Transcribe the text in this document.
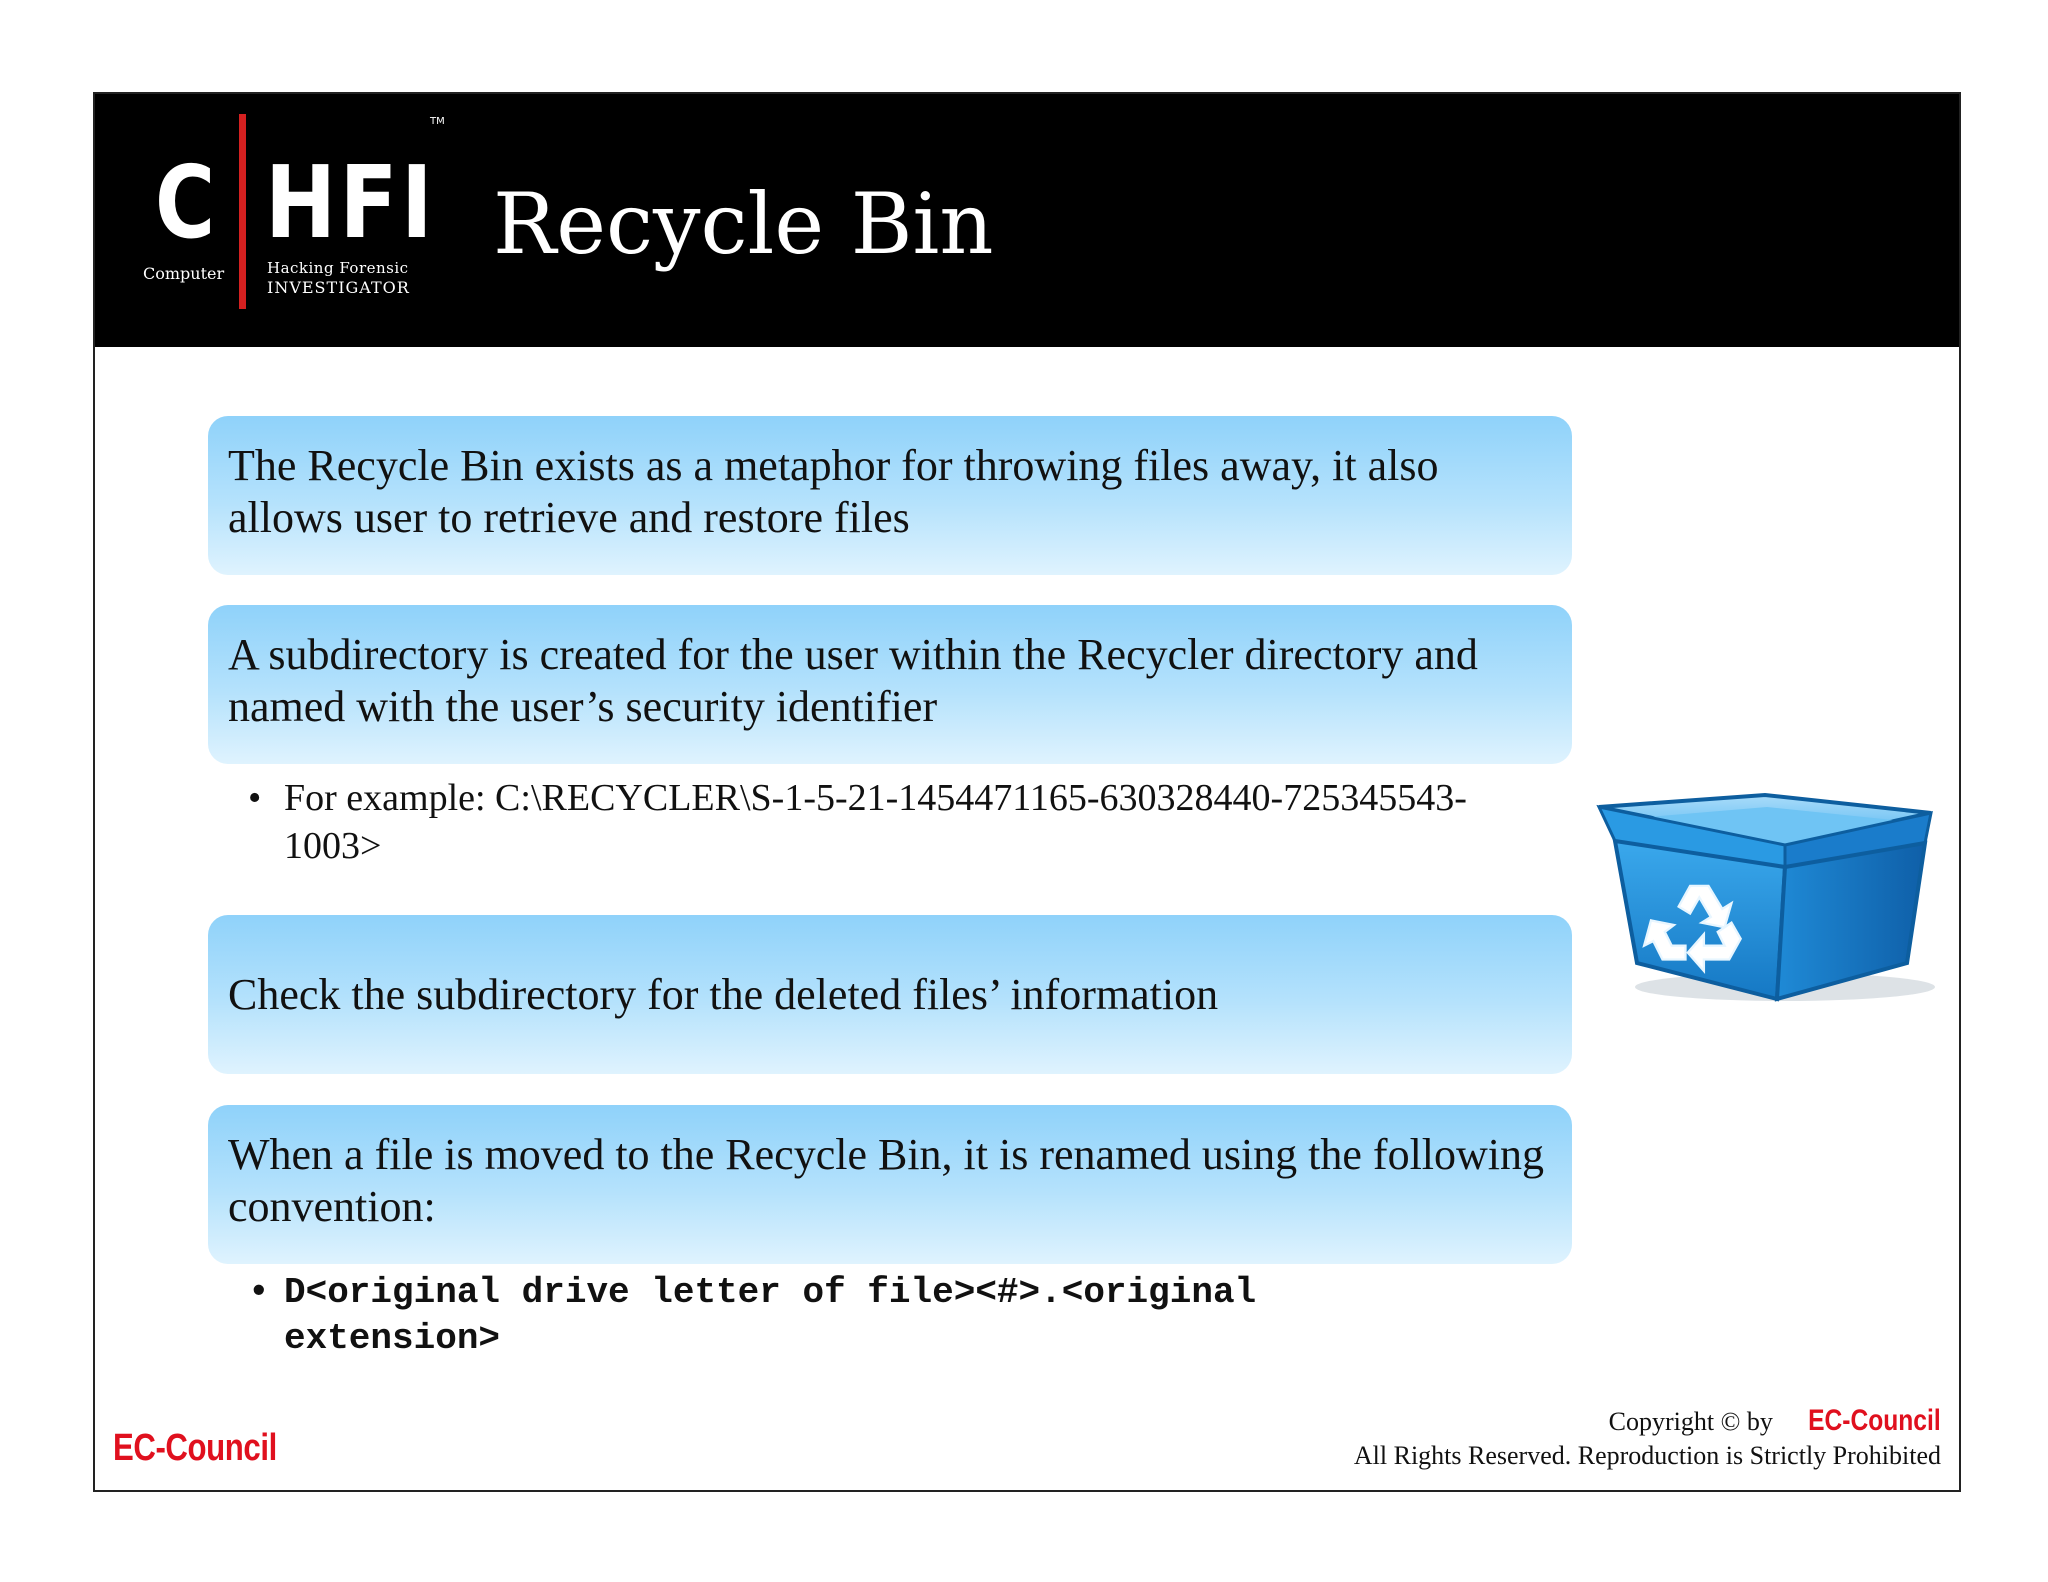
C HFI
TM
Computer	Hacking Forensic
INVESTIGATOR
Recycle Bin
The Recycle Bin exists as a metaphor for throwing files away, it also allows user to retrieve and restore files
A subdirectory is created for the user within the Recycler directory and named with the user’s security identifier
• For example: C:\RECYCLER\S-1-5-21-1454471165-630328440-725345543-1003>
Check the subdirectory for the deleted files’ information
When a file is moved to the Recycle Bin, it is renamed using the following convention:
• D<original drive letter of file><#>.<original extension>
EC-Council
Copyright © by EC-Council
All Rights Reserved. Reproduction is Strictly Prohibited
